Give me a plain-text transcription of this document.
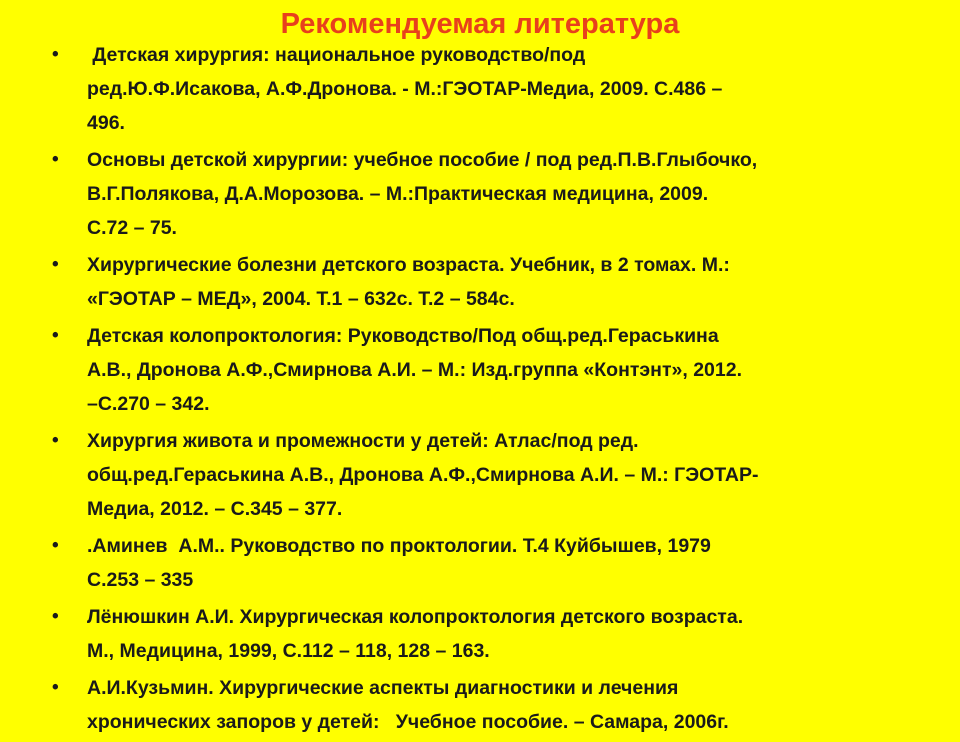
Рекомендуемая литература
•	Детская хирургия: национальное руководство/под
ред.Ю.Ф.Исакова, А.Ф.Дронова. - М.:ГЭОТАР-Медиа, 2009. С.486 –
496.
•	Основы детской хирургии: учебное пособие / под ред.П.В.Глыбочко,
В.Г.Полякова, Д.А.Морозова. – М.:Практическая медицина, 2009.
С.72 – 75.
•	Хирургические болезни детского возраста. Учебник, в 2 томах. М.:
«ГЭОТАР – МЕД», 2004. Т.1 – 632с. Т.2 – 584с.
•	Детская колопроктология: Руководство/Под общ.ред.Гераськина
А.В., Дронова А.Ф.,Смирнова А.И. – М.: Изд.группа «Контэнт», 2012.
–С.270 – 342.
•	Хирургия живота и промежности у детей: Атлас/под ред.
общ.ред.Гераськина А.В., Дронова А.Ф.,Смирнова А.И. – М.: ГЭОТАР-
Медиа, 2012. – С.345 – 377.
•	.Аминев  А.М.. Руководство по проктологии. Т.4 Куйбышев, 1979
С.253 – 335
•	Лёнюшкин А.И. Хирургическая колопроктология детского возраста.
М., Медицина, 1999, С.112 – 118, 128 – 163.
•	А.И.Кузьмин. Хирургические аспекты диагностики и лечения
хронических запоров у детей:   Учебное пособие. – Самара, 2006г.
